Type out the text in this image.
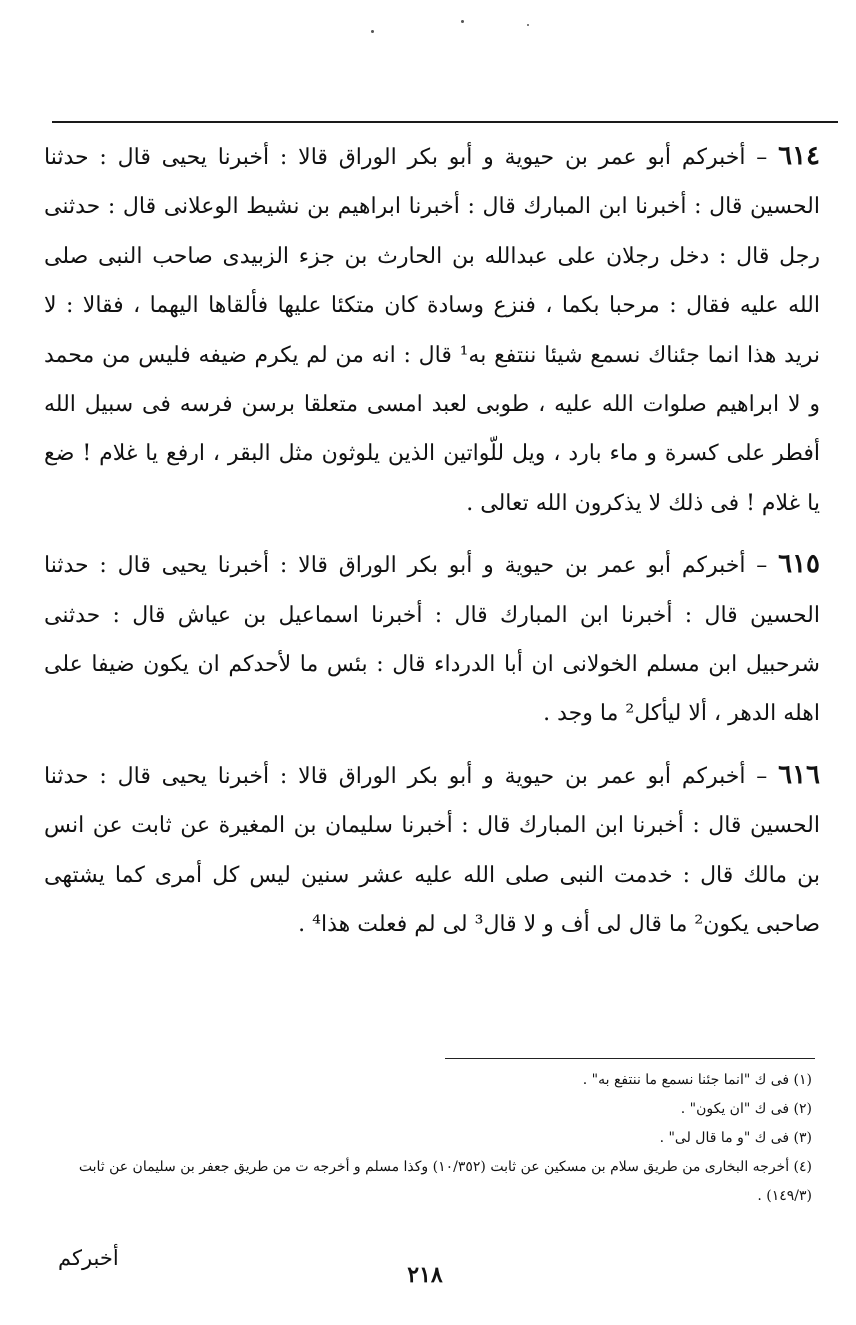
٦١٤ – أخبركم أبو عمر بن حيوية و أبو بكر الوراق قالا : أخبرنا يحيى قال : حدثنا الحسين قال : أخبرنا ابن المبارك قال : أخبرنا ابراهيم بن نشيط الوعلانى قال : حدثنى رجل قال : دخل رجلان على عبدالله بن الحارث بن جزء الزبيدى صاحب النبى صلى الله عليه فقال : مرحبا بكما ، فنزع وسادة كان متكئا عليها فألقاها اليهما ، فقالا : لا نريد هذا انما جئناك نسمع شيئا ننتفع به¹ قال : انه من لم يكرم ضيفه فليس من محمد و لا ابراهيم صلوات الله عليه ، طوبى لعبد امسى متعلقا برسن فرسه فى سبيل الله أفطر على كسرة و ماء بارد ، ويل للّواتين الذين يلوثون مثل البقر ، ارفع يا غلام ! ضع يا غلام ! فى ذلك لا يذكرون الله تعالى .

٦١٥ – أخبركم أبو عمر بن حيوية و أبو بكر الوراق قالا : أخبرنا يحيى قال : حدثنا الحسين قال : أخبرنا ابن المبارك قال : أخبرنا اسماعيل بن عياش قال : حدثنى شرحبيل ابن مسلم الخولانى ان أبا الدرداء قال : بئس ما لأحدكم ان يكون ضيفا على اهله الدهر ، ألا ليأكل² ما وجد .

٦١٦ – أخبركم أبو عمر بن حيوية و أبو بكر الوراق قالا : أخبرنا يحيى قال : حدثنا الحسين قال : أخبرنا ابن المبارك قال : أخبرنا سليمان بن المغيرة عن ثابت عن انس بن مالك قال : خدمت النبى صلى الله عليه عشر سنين ليس كل أمرى كما يشتهى صاحبى يكون² ما قال لى أف و لا قال³ لى لم فعلت هذا⁴ .

(١) فى ك "انما جئنا نسمع ما ننتفع به" .

(٢) فى ك "ان يكون" .

(٣) فى ك "و ما قال لى" .

(٤) أخرجه البخارى من طريق سلام بن مسكين عن ثابت (١٠/٣٥٢) وكذا مسلم و أخرجه ت من طريق جعفر بن سليمان عن ثابت (١٤٩/٣) .

٢١٨
أخبركم
